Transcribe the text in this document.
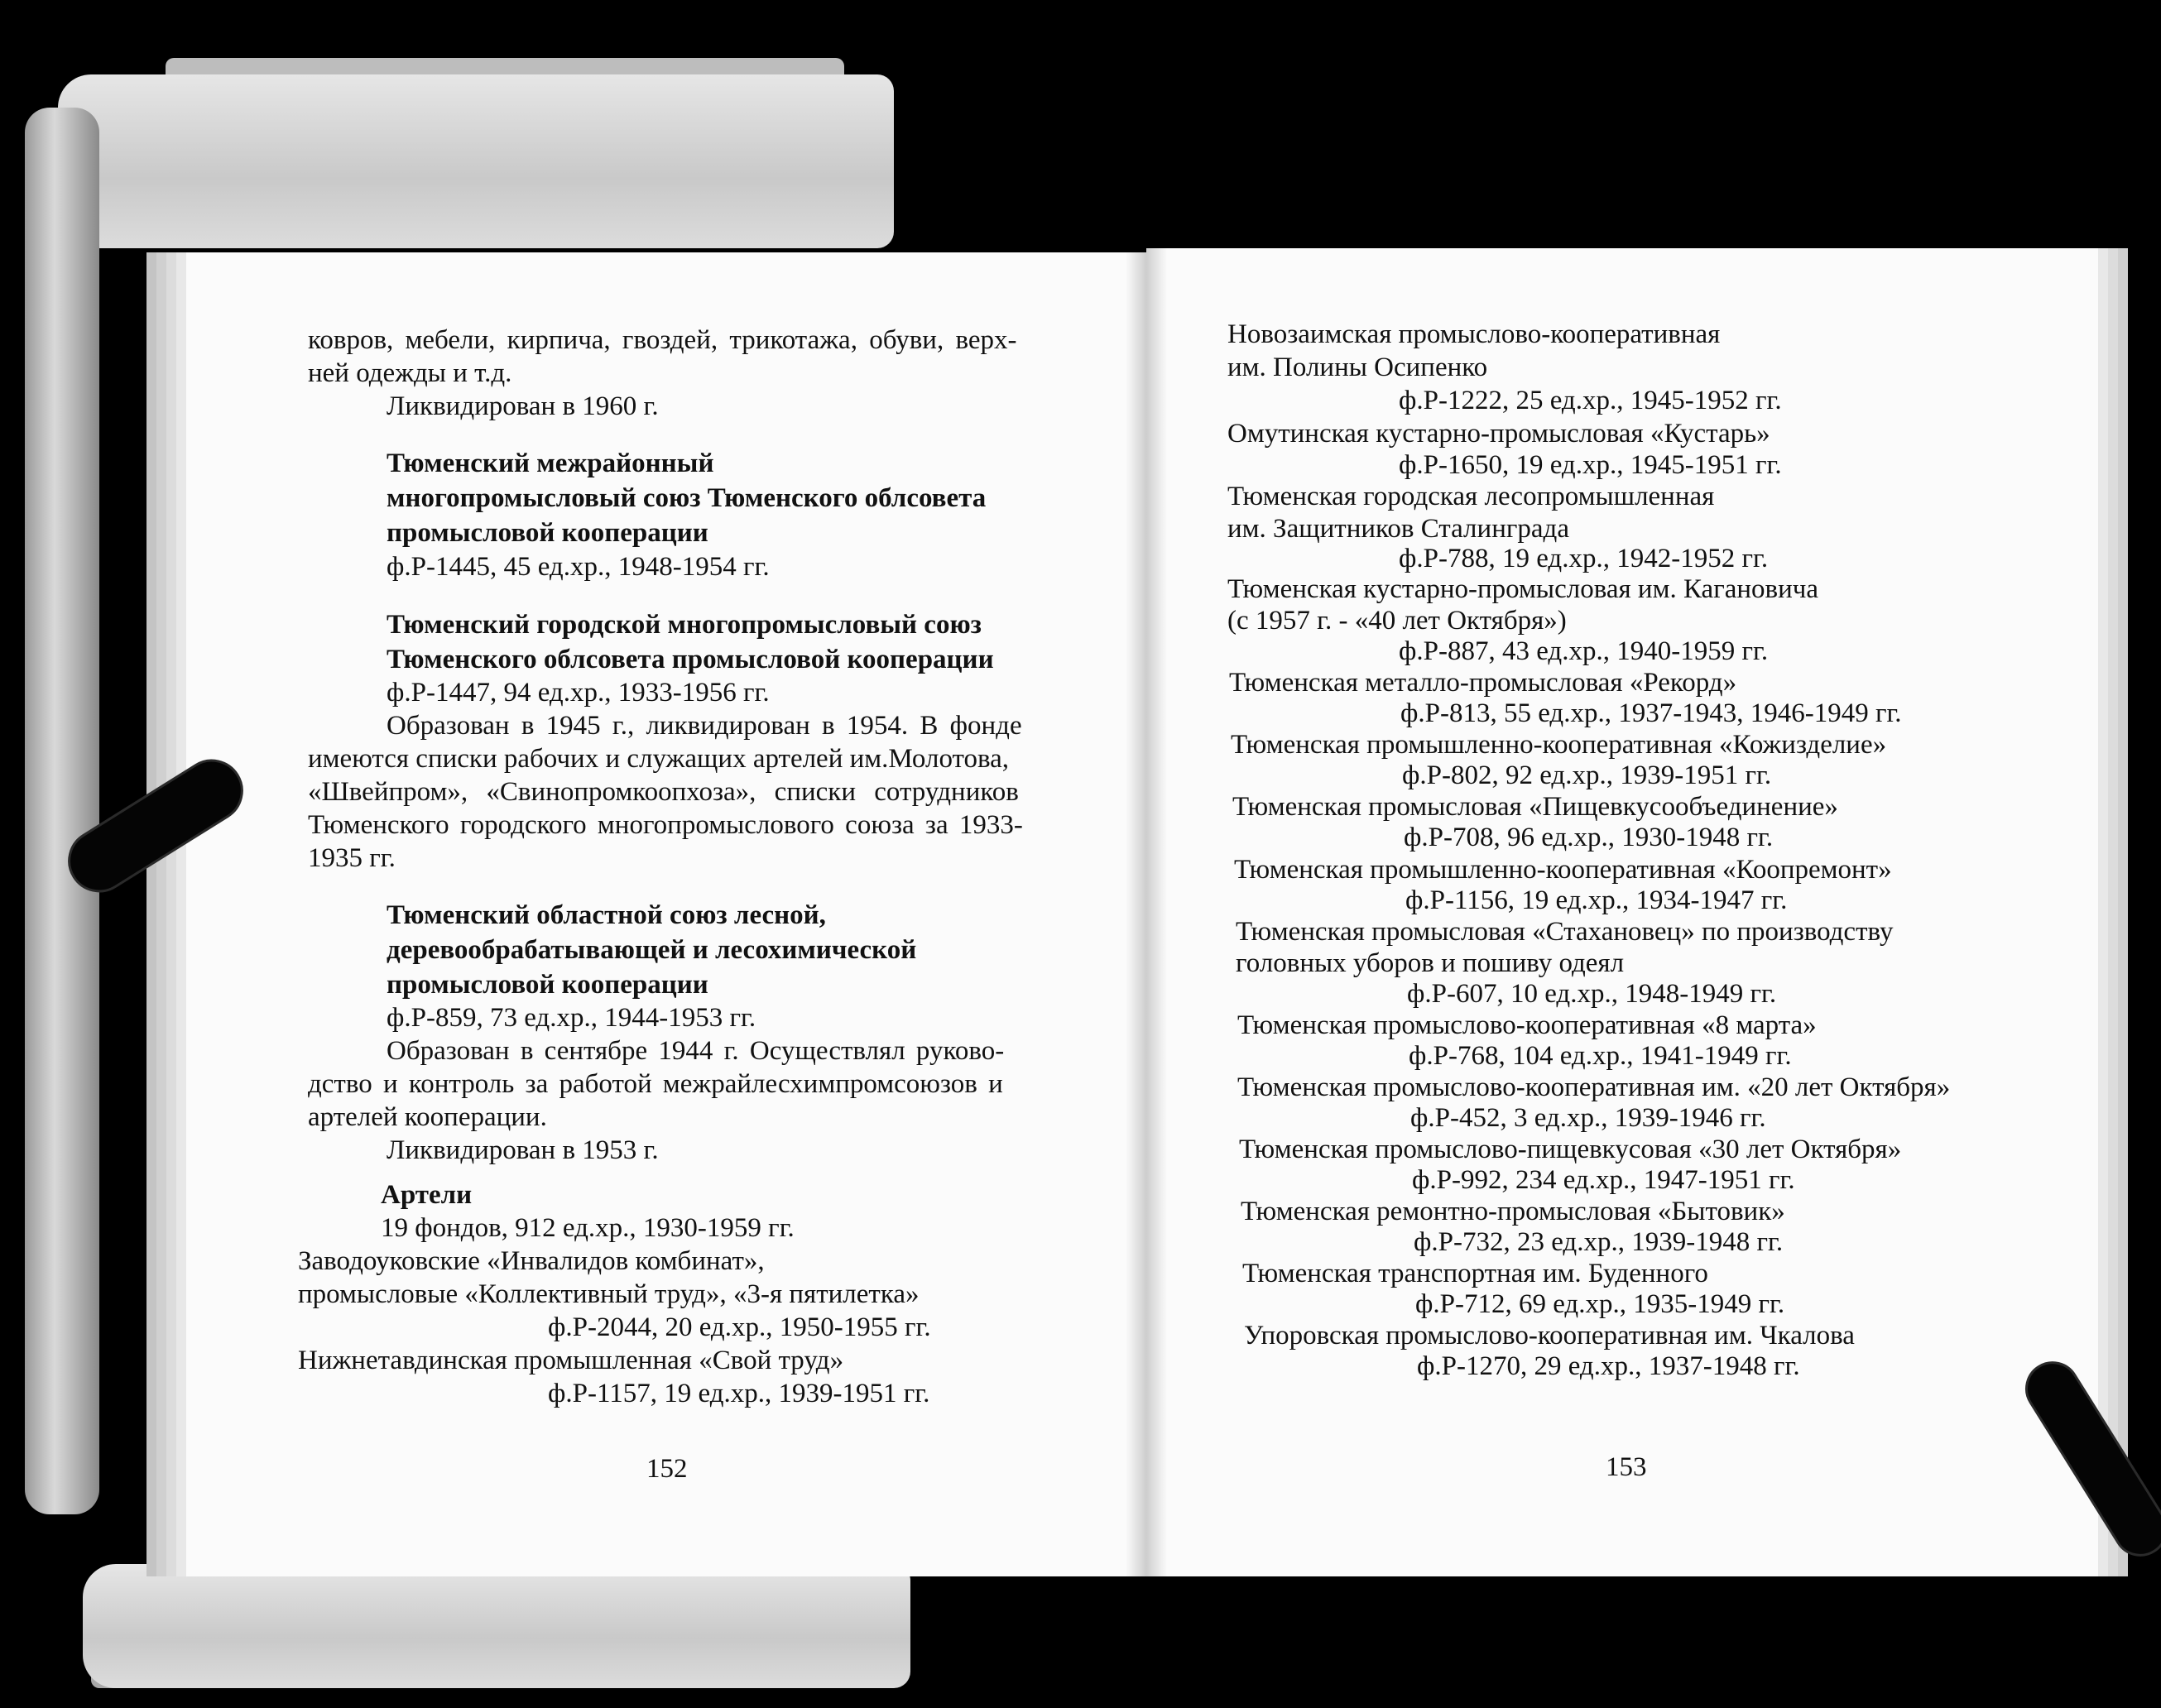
ковров, мебели, кирпича, гвоздей, трикотажа, обуви, верх-

ней одежды и т.д.

Ликвидирован в 1960 г.

Тюменский межрайонный

многопромысловый союз Тюменского облсовета

промысловой кооперации

ф.Р-1445, 45 ед.хр., 1948-1954 гг.

Тюменский городской многопромысловый союз

Тюменского облсовета промысловой кооперации

ф.Р-1447, 94 ед.хр., 1933-1956 гг.

Образован в 1945 г., ликвидирован в 1954. В фонде

имеются списки рабочих и служащих артелей им.Молотова,

«Швейпром», «Свинопромкоопхоза», списки сотрудников

Тюменского городского многопромыслового союза за 1933-

1935 гг.

Тюменский областной союз лесной,

деревообрабатывающей и лесохимической

промысловой кооперации

ф.Р-859, 73 ед.хр., 1944-1953 гг.

Образован в сентябре 1944 г. Осуществлял руково-

дство и контроль за работой межрайлесхимпромсоюзов и

артелей кооперации.

Ликвидирован в 1953 г.

Артели

19 фондов, 912 ед.хр., 1930-1959 гг.

Заводоуковские «Инвалидов комбинат»,

промысловые «Коллективный труд», «3-я пятилетка»

ф.Р-2044, 20 ед.хр., 1950-1955 гг.

Нижнетавдинская промышленная «Свой труд»

ф.Р-1157, 19 ед.хр., 1939-1951 гг.

152

Новозаимская промыслово-кооперативная

им. Полины Осипенко

ф.Р-1222, 25 ед.хр., 1945-1952 гг.

Омутинская кустарно-промысловая «Кустарь»

ф.Р-1650, 19 ед.хр., 1945-1951 гг.

Тюменская городская лесопромышленная

им. Защитников Сталинграда

ф.Р-788, 19 ед.хр., 1942-1952 гг.

Тюменская кустарно-промысловая им. Кагановича

(с 1957 г. - «40 лет Октября»)

ф.Р-887, 43 ед.хр., 1940-1959 гг.

Тюменская металло-промысловая «Рекорд»

ф.Р-813, 55 ед.хр., 1937-1943, 1946-1949 гг.

Тюменская промышленно-кооперативная «Кожизделие»

ф.Р-802, 92 ед.хр., 1939-1951 гг.

Тюменская промысловая «Пищевкусообъединение»

ф.Р-708, 96 ед.хр., 1930-1948 гг.

Тюменская промышленно-кооперативная «Коопремонт»

ф.Р-1156, 19 ед.хр., 1934-1947 гг.

Тюменская промысловая «Стахановец» по производству

головных уборов и пошиву одеял

ф.Р-607, 10 ед.хр., 1948-1949 гг.

Тюменская промыслово-кооперативная «8 марта»

ф.Р-768, 104 ед.хр., 1941-1949 гг.

Тюменская промыслово-кооперативная им. «20 лет Октября»

ф.Р-452, 3 ед.хр., 1939-1946 гг.

Тюменская промыслово-пищевкусовая «30 лет Октября»

ф.Р-992, 234 ед.хр., 1947-1951 гг.

Тюменская ремонтно-промысловая «Бытовик»

ф.Р-732, 23 ед.хр., 1939-1948 гг.

Тюменская транспортная им. Буденного

ф.Р-712, 69 ед.хр., 1935-1949 гг.

Упоровская промыслово-кооперативная им. Чкалова

ф.Р-1270, 29 ед.хр., 1937-1948 гг.

153
